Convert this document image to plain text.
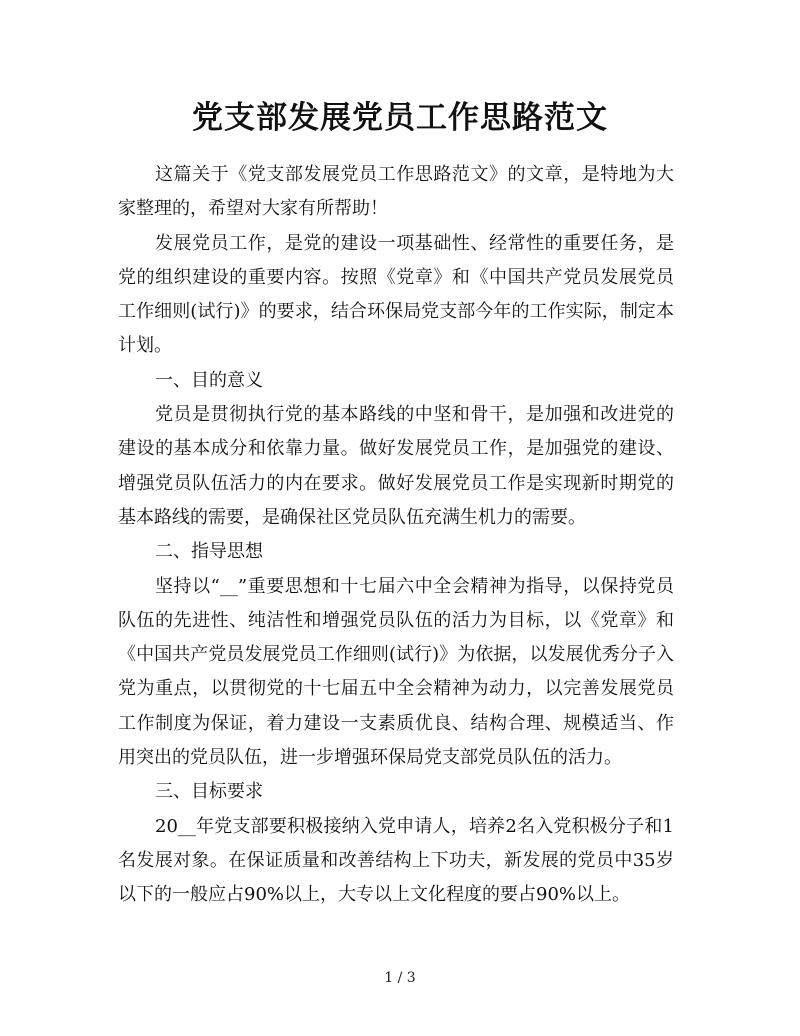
党支部发展党员工作思路范文

这篇关于《党支部发展党员工作思路范文》的文章，是特地为大家整理的，希望对大家有所帮助！

发展党员工作，是党的建设一项基础性、经常性的重要任务，是党的组织建设的重要内容。按照《党章》和《中国共产党员发展党员工作细则(试行)》的要求，结合环保局党支部今年的工作实际，制定本计划。

一、目的意义

党员是贯彻执行党的基本路线的中坚和骨干，是加强和改进党的建设的基本成分和依靠力量。做好发展党员工作，是加强党的建设、增强党员队伍活力的内在要求。做好发展党员工作是实现新时期党的基本路线的需要，是确保社区党员队伍充满生机力的需要。

二、指导思想

坚持以“__”重要思想和十七届六中全会精神为指导，以保持党员队伍的先进性、纯洁性和增强党员队伍的活力为目标，以《党章》和《中国共产党员发展党员工作细则(试行)》为依据，以发展优秀分子入党为重点，以贯彻党的十七届五中全会精神为动力，以完善发展党员工作制度为保证，着力建设一支素质优良、结构合理、规模适当、作用突出的党员队伍，进一步增强环保局党支部党员队伍的活力。

三、目标要求

20__年党支部要积极接纳入党申请人，培养2名入党积极分子和1名发展对象。在保证质量和改善结构上下功夫，新发展的党员中35岁以下的一般应占90%以上，大专以上文化程度的要占90%以上。

1 / 3
